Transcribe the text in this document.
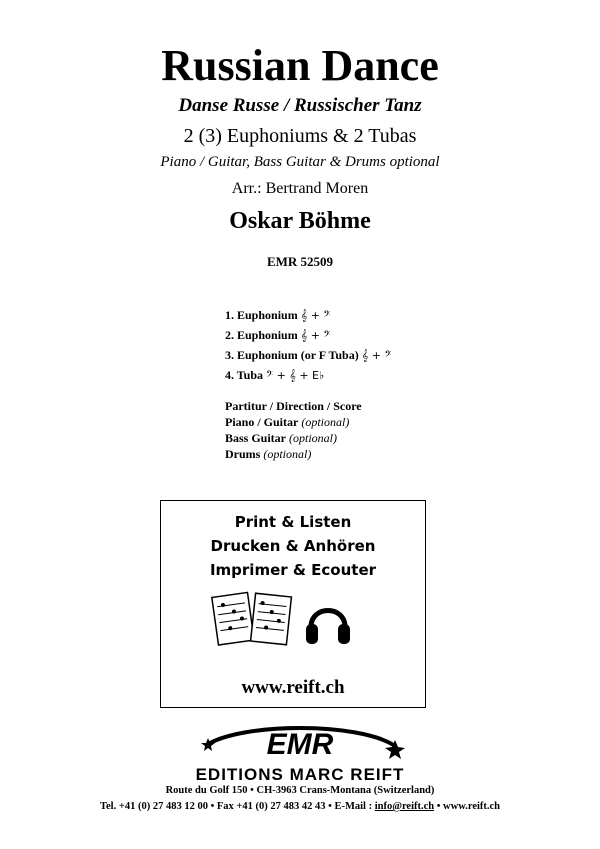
Russian Dance
Danse Russe / Russischer Tanz
2 (3) Euphoniums & 2 Tubas
Piano / Guitar, Bass Guitar & Drums optional
Arr.: Bertrand Moren
Oskar Böhme
EMR 52509
1. Euphonium 𝄞 + 𝄢
2. Euphonium 𝄞 + 𝄢
3. Euphonium (or F Tuba) 𝄞 + 𝄢
4. Tuba 𝄢 + 𝄞 + E♭
Partitur / Direction / Score
Piano / Guitar (optional)
Bass Guitar (optional)
Drums (optional)
Print & Listen
Drucken & Anhören
Imprimer & Ecouter
www.reift.ch
EMR
EDITIONS MARC REIFT
Route du Golf 150 • CH-3963 Crans-Montana (Switzerland)
Tel. +41 (0) 27 483 12 00 • Fax +41 (0) 27 483 42 43 • E-Mail : info@reift.ch • www.reift.ch
